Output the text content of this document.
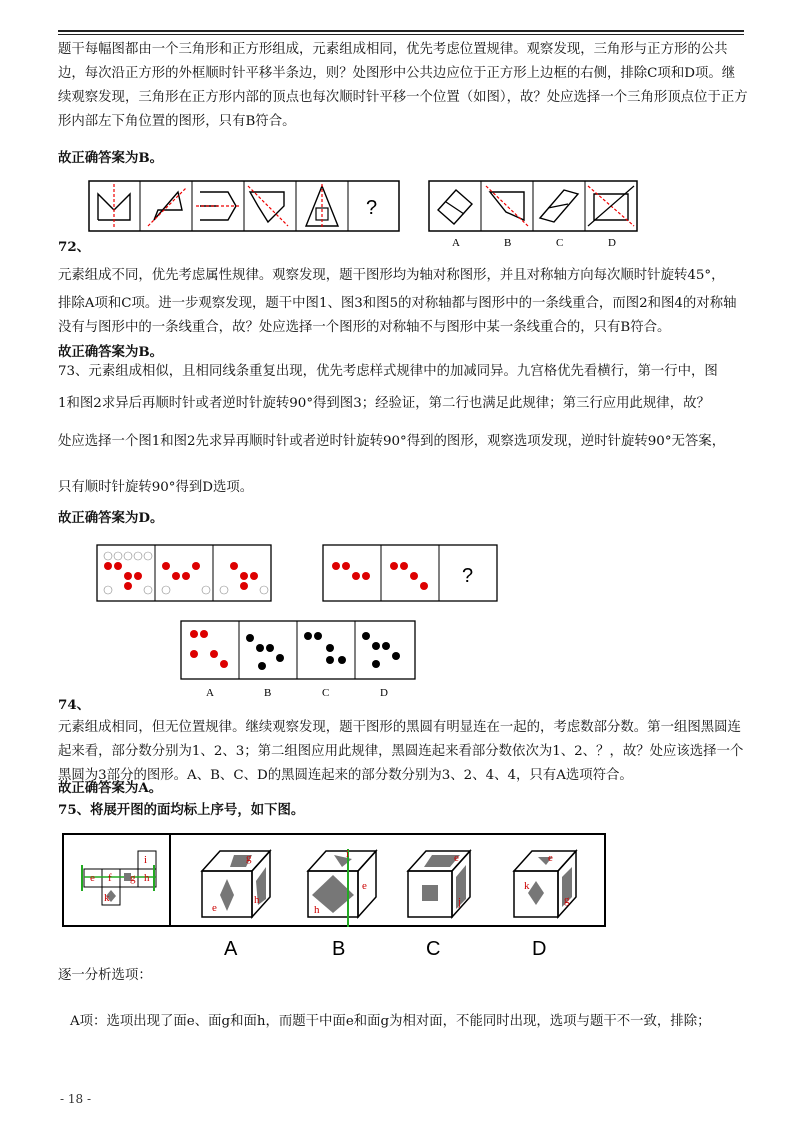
题干每幅图都由一个三角形和正方形组成，元素组成相同，优先考虑位置规律。观察发现，三角形与正方形的公共边，每次沿正方形的外框顺时针平移半条边，则？处图形中公共边应位于正方形上边框的右侧，排除C项和D项。继续观察发现，三角形在正方形内部的顶点也每次顺时针平移一个位置（如图），故？处应选择一个三角形顶点位于正方形内部左下角位置的图形，只有B符合。

故正确答案为B。

?
A	B	C	D
72、

元素组成不同，优先考虑属性规律。观察发现，题干图形均为轴对称图形，并且对称轴方向每次顺时针旋转45°，

排除A项和C项。进一步观察发现，题干中图1、图3和图5的对称轴都与图形中的一条线重合，而图2和图4的对称轴没有与图形中的一条线重合，故？处应选择一个图形的对称轴不与图形中某一条线重合的，只有B符合。

故正确答案为B。

73、元素组成相似，且相同线条重复出现，优先考虑样式规律中的加减同异。九宫格优先看横行，第一行中，图

1和图2求异后再顺时针或者逆时针旋转90°得到图3；经验证，第二行也满足此规律；第三行应用此规律，故？

处应选择一个图1和图2先求异再顺时针或者逆时针旋转90°得到的图形，观察选项发现，逆时针旋转90°无答案，

只有顺时针旋转90°得到D选项。

故正确答案为D。

?
A	B	C	D
74、

元素组成相同，但无位置规律。继续观察发现，题干图形的黑圆有明显连在一起的，考虑数部分数。第一组图黑圆连起来看，部分数分别为1、2、3；第二组图应用此规律，黑圆连起来看部分数依次为1、2、？，故？处应该选择一个黑圆为3部分的图形。A、B、C、D的黑圆连起来的部分数分别为3、2、4、4，只有A选项符合。

故正确答案为A。

75、将展开图的面均标上序号，如下图。

e f g h
i
k
e
g
h
h
e
i	e
j
e
k
g
A	B	C	D

逐一分析选项：

A项：选项出现了面e、面g和面h，而题干中面e和面g为相对面，不能同时出现，选项与题干不一致，排除；

- 18 -
